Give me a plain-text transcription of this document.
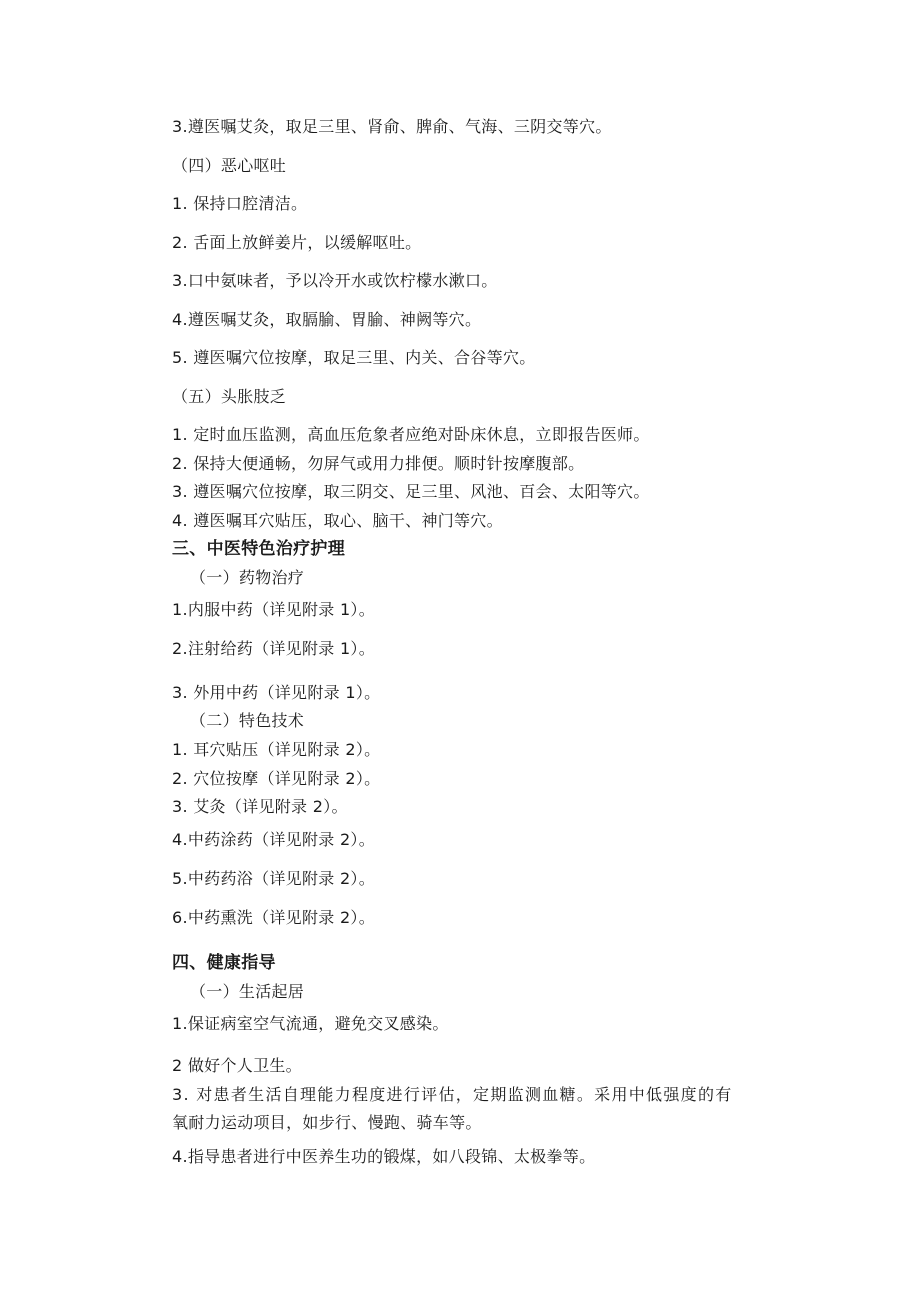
3.遵医嘱艾灸，取足三里、肾俞、脾俞、气海、三阴交等穴。
（四）恶心呕吐
1. 保持口腔清洁。
2. 舌面上放鲜姜片，以缓解呕吐。
3.口中氨味者，予以冷开水或饮柠檬水漱口。
4.遵医嘱艾灸，取膈腧、胃腧、神阙等穴。
5. 遵医嘱穴位按摩，取足三里、内关、合谷等穴。
（五）头胀肢乏
1. 定时血压监测，高血压危象者应绝对卧床休息，立即报告医师。
2. 保持大便通畅，勿屏气或用力排便。顺时针按摩腹部。
3. 遵医嘱穴位按摩，取三阴交、足三里、风池、百会、太阳等穴。
4. 遵医嘱耳穴贴压，取心、脑干、神门等穴。
三、中医特色治疗护理
（一）药物治疗
1.内服中药（详见附录 1）。
2.注射给药（详见附录 1）。
3. 外用中药（详见附录 1）。
（二）特色技术
1. 耳穴贴压（详见附录 2）。
2. 穴位按摩（详见附录 2）。
3. 艾灸（详见附录 2）。
4.中药涂药（详见附录 2）。
5.中药药浴（详见附录 2）。
6.中药熏洗（详见附录 2）。
四、健康指导
（一）生活起居
1.保证病室空气流通，避免交叉感染。
2 做好个人卫生。
3. 对患者生活自理能力程度进行评估，定期监测血糖。采用中低强度的有
氧耐力运动项目，如步行、慢跑、骑车等。
4.指导患者进行中医养生功的锻煤，如八段锦、太极拳等。
